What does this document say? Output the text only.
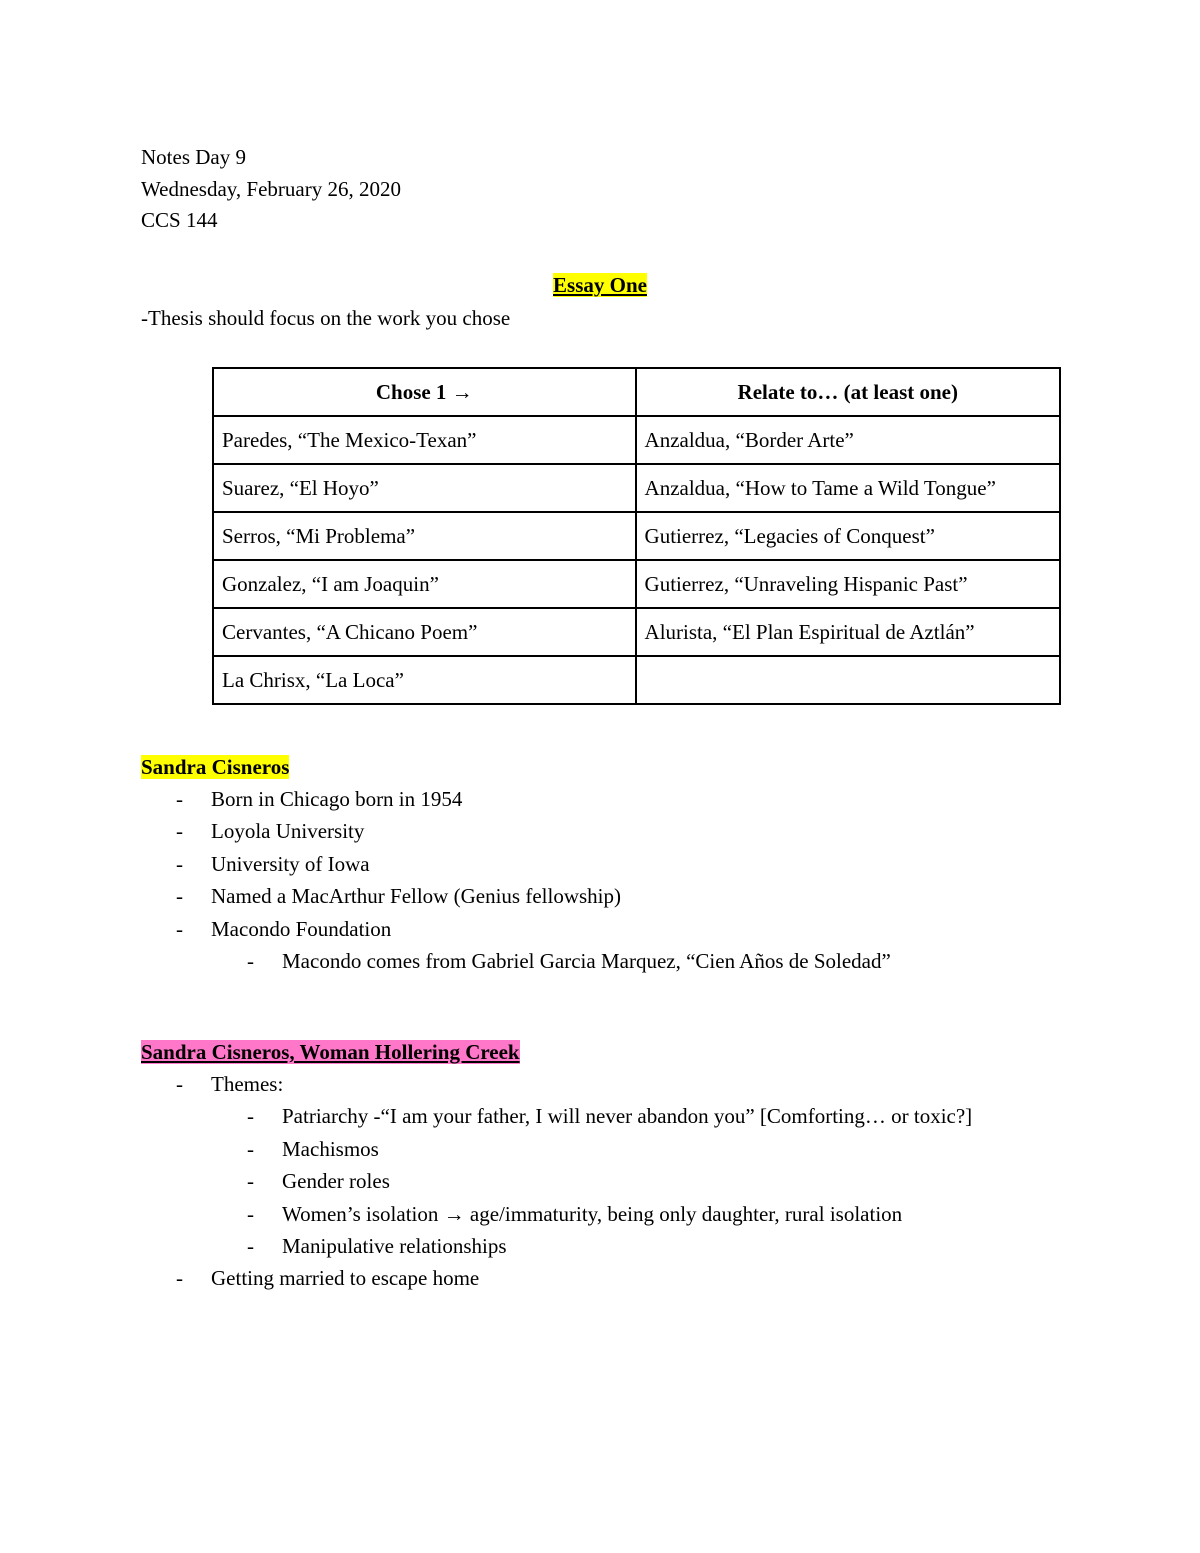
Notes Day 9
Wednesday, February 26, 2020
CCS 144
Essay One
-Thesis should focus on the work you chose
Chose 1 →	Relate to… (at least one)
Paredes, “The Mexico-Texan”	Anzaldua, “Border Arte”
Suarez, “El Hoyo”	Anzaldua, “How to Tame a Wild Tongue”
Serros, “Mi Problema”	Gutierrez, “Legacies of Conquest”
Gonzalez, “I am Joaquin”	Gutierrez, “Unraveling Hispanic Past”
Cervantes, “A Chicano Poem”	Alurista, “El Plan Espiritual de Aztlán”
La Chrisx, “La Loca”	
Sandra Cisneros
-	Born in Chicago born in 1954
-	Loyola University
-	University of Iowa
-	Named a MacArthur Fellow (Genius fellowship)
-	Macondo Foundation
-	Macondo comes from Gabriel Garcia Marquez, “Cien Años de Soledad”
Sandra Cisneros, Woman Hollering Creek
-	Themes:
-	Patriarchy -“I am your father, I will never abandon you” [Comforting… or toxic?]
-	Machismos
-	Gender roles
-	Women’s isolation → age/immaturity, being only daughter, rural isolation
-	Manipulative relationships
-	Getting married to escape home
